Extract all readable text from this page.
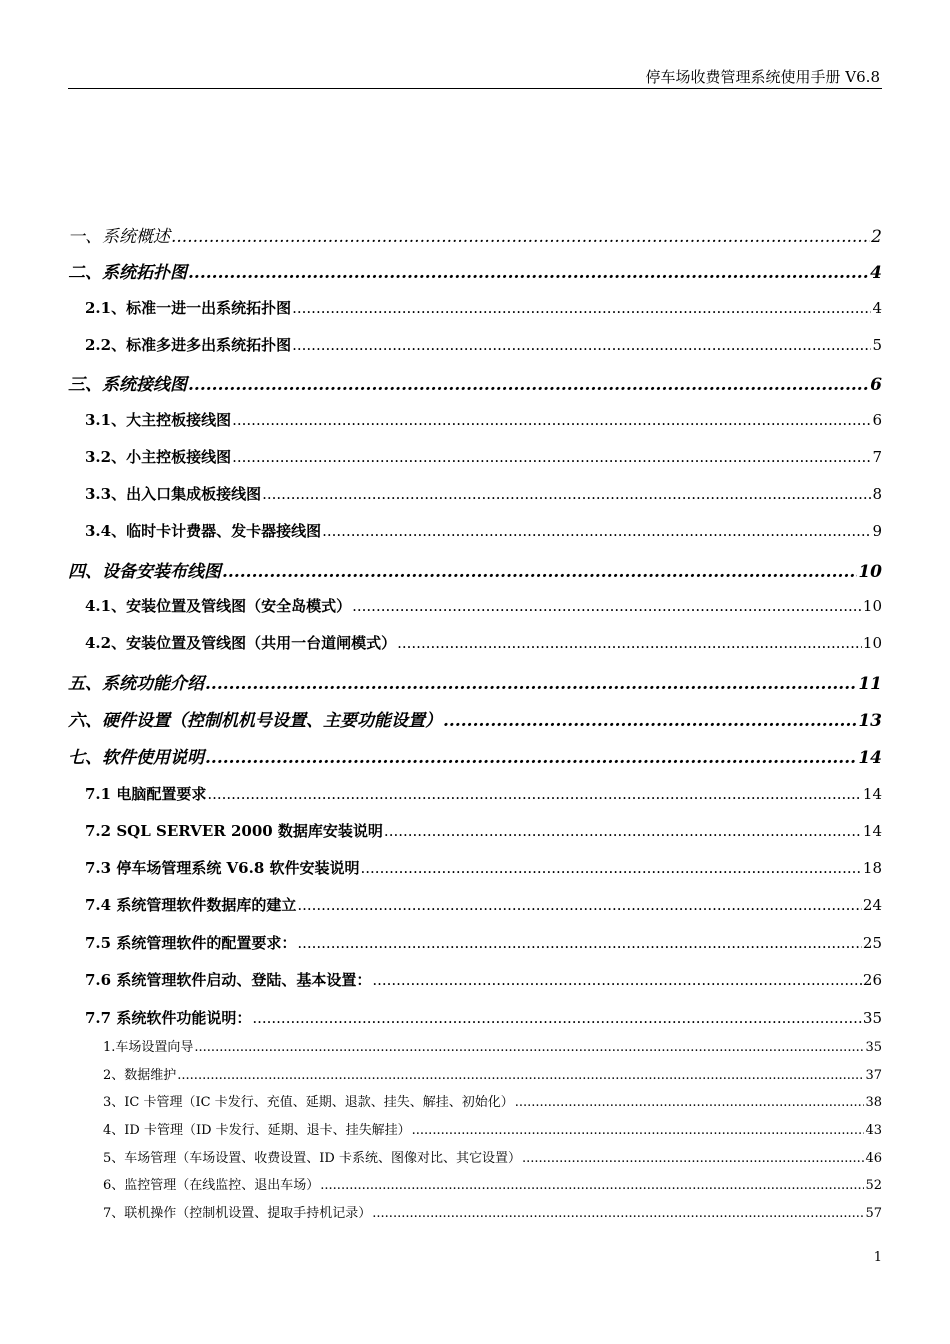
停车场收费管理系统使用手册 V6.8
一、系统概述 .....	2
二、系统拓扑图 .....	4
2.1、标准一进一出系统拓扑图 .....	4
2.2、标准多进多出系统拓扑图 .....	5
三、系统接线图 .....	6
3.1、大主控板接线图 .....	6
3.2、小主控板接线图 .....	7
3.3、出入口集成板接线图 .....	8
3.4、临时卡计费器、发卡器接线图 .....	9
四、设备安装布线图 .....	10
4.1、安装位置及管线图（安全岛模式） .....	10
4.2、安装位置及管线图（共用一台道闸模式） .....	10
五、系统功能介绍 .....	11
六、硬件设置（控制机机号设置、主要功能设置） .....	13
七、软件使用说明 .....	14
7.1 电脑配置要求 .....	14
7.2 SQL SERVER 2000 数据库安装说明 .....	14
7.3 停车场管理系统 V6.8 软件安装说明 .....	18
7.4 系统管理软件数据库的建立 .....	24
7.5 系统管理软件的配置要求： .....	25
7.6 系统管理软件启动、登陆、基本设置： .....	26
7.7 系统软件功能说明： .....	35
1.车场设置向导 .....	35
2、数据维护 .....	37
3、IC 卡管理（IC 卡发行、充值、延期、退款、挂失、解挂、初始化） .....	38
4、ID 卡管理（ID 卡发行、延期、退卡、挂失解挂） .....	43
5、车场管理（车场设置、收费设置、ID 卡系统、图像对比、其它设置） .....	46
6、监控管理（在线监控、退出车场） .....	52
7、联机操作（控制机设置、提取手持机记录） .....	57
1
